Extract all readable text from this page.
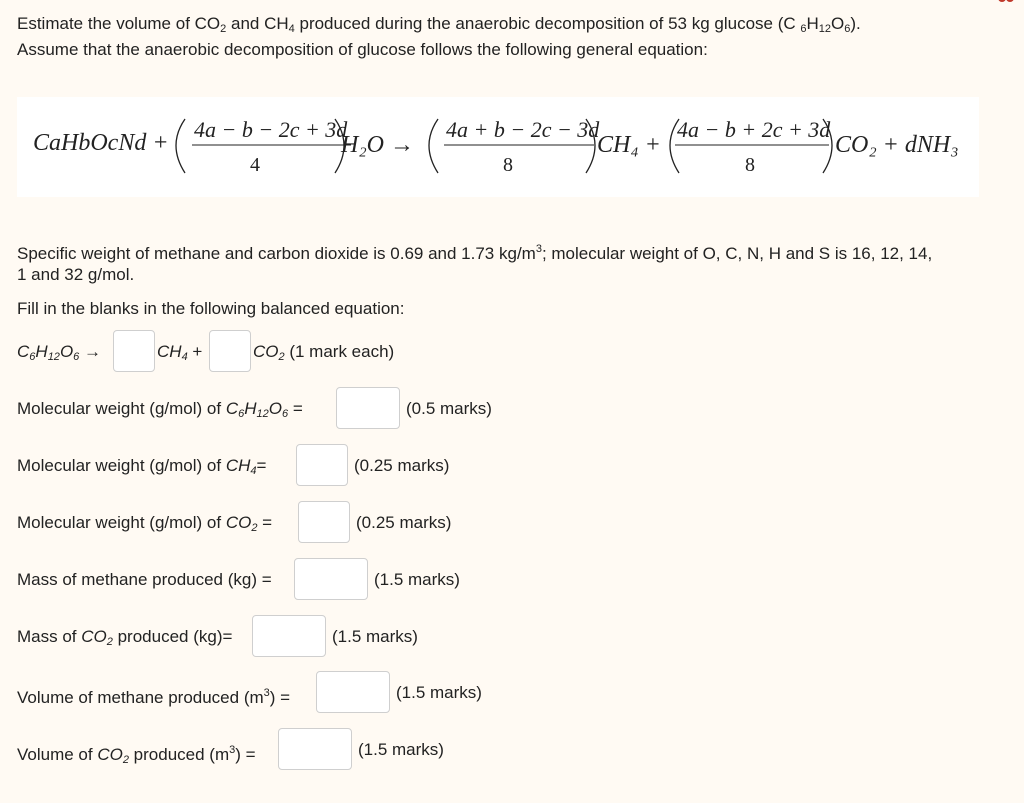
Estimate the volume of $CO_2$ and $CH_4$ produced during the anaerobic decomposition of 53 kg glucose (C $_6H_{12}O_6$).
Assume that the anaerobic decomposition of glucose follows the following general equation:
CaHbOcNd +
4a − b − 2c + 3d
4
H₂O →
4a + b − 2c − 3d
8
CH₄ +
4a − b + 2c + 3d
8
CO₂ + dNH₃
Specific weight of methane and carbon dioxide is 0.69 and 1.73 $kg/m^3$; molecular weight of O, C, N, H and S is 16, 12, 14,
1 and 32 g/mol.
Fill in the blanks in the following balanced equation:
$C_6H_{12}O_6$ →	$CH_4$ +	$CO_2$ (1 mark each)
Molecular weight (g/mol) of $C_6H_{12}O_6$ =	(0.5 marks)
Molecular weight (g/mol) of $CH_4=$	(0.25 marks)
Molecular weight (g/mol) of $CO_2$ =	(0.25 marks)
Mass of methane produced (kg) =	(1.5 marks)
Mass of $CO_2$ produced (kg)=	(1.5 marks)
Volume of methane produced $(m^3)$ =	(1.5 marks)
Volume of $CO_2$ produced $(m^3)$ =	(1.5 marks)
